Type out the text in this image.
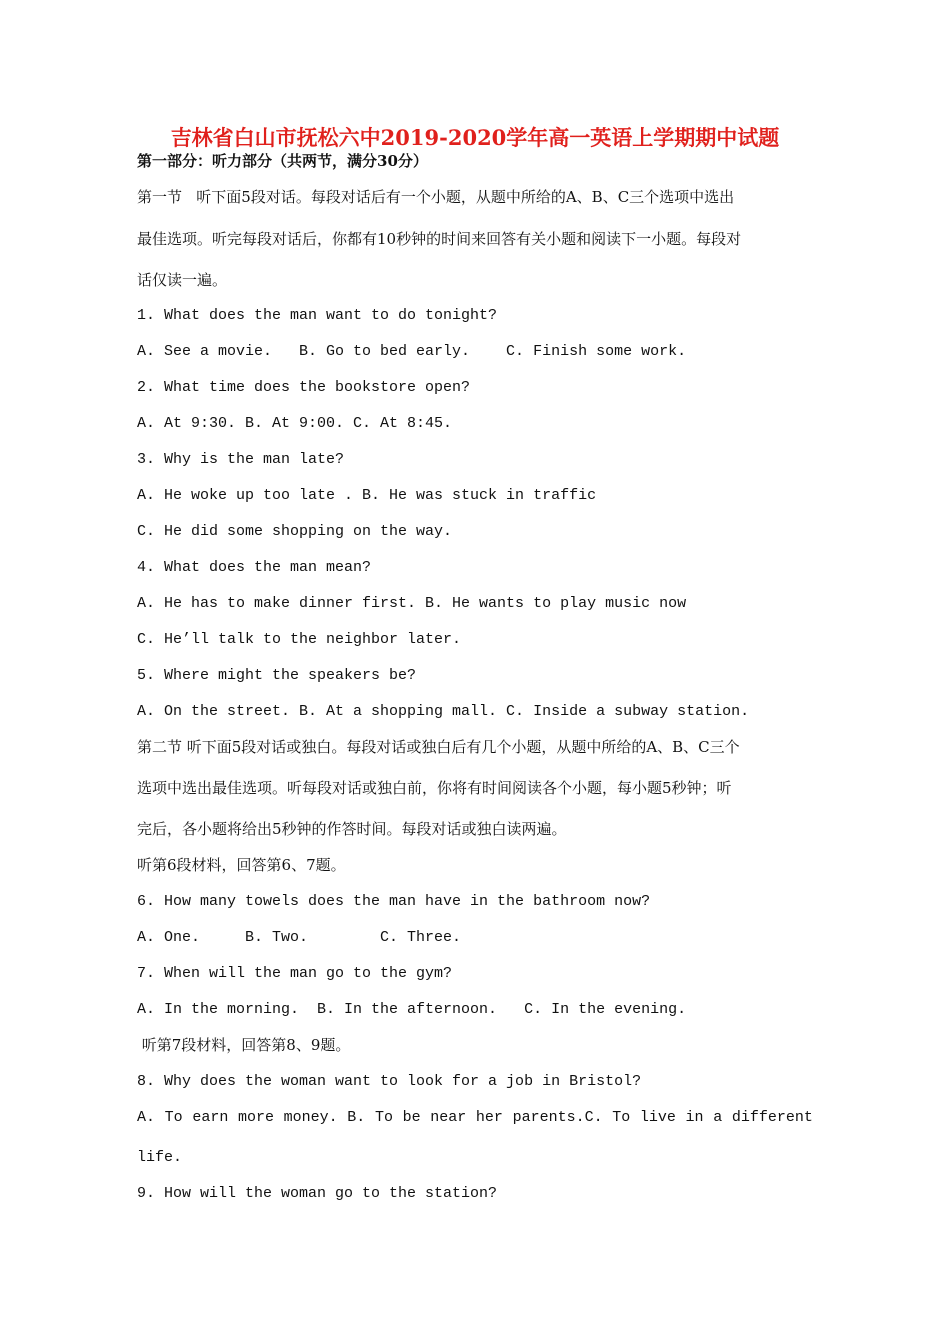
吉林省白山市抚松六中2019-2020学年高一英语上学期期中试题
第一部分：听力部分（共两节，满分30分）
第一节   听下面5段对话。每段对话后有一个小题，从题中所给的A、B、C三个选项中选出
最佳选项。听完每段对话后，你都有10秒钟的时间来回答有关小题和阅读下一小题。每段对
话仅读一遍。
1. What does the man want to do tonight?
A. See a movie.   B. Go to bed early.    C. Finish some work.
2. What time does the bookstore open?
A. At 9:30. B. At 9:00. C. At 8:45.
3. Why is the man late?
A. He woke up too late . B. He was stuck in traffic
C. He did some shopping on the way.
4. What does the man mean?
A. He has to make dinner first. B. He wants to play music now
C. He’ll talk to the neighbor later.
5. Where might the speakers be?
A. On the street. B. At a shopping mall. C. Inside a subway station.
第二节 听下面5段对话或独白。每段对话或独白后有几个小题，从题中所给的A、B、C三个
选项中选出最佳选项。听每段对话或独白前，你将有时间阅读各个小题，每小题5秒钟；听
完后，各小题将给出5秒钟的作答时间。每段对话或独白读两遍。
听第6段材料，回答第6、7题。
6. How many towels does the man have in the bathroom now?
A. One.     B. Two.        C. Three.
7. When will the man go to the gym?
A. In the morning.  B. In the afternoon.   C. In the evening.
听第7段材料，回答第8、9题。
8. Why does the woman want to look for a job in Bristol?
A. To earn more money. B. To be near her parents.C. To live in a different
life.
9. How will the woman go to the station?
